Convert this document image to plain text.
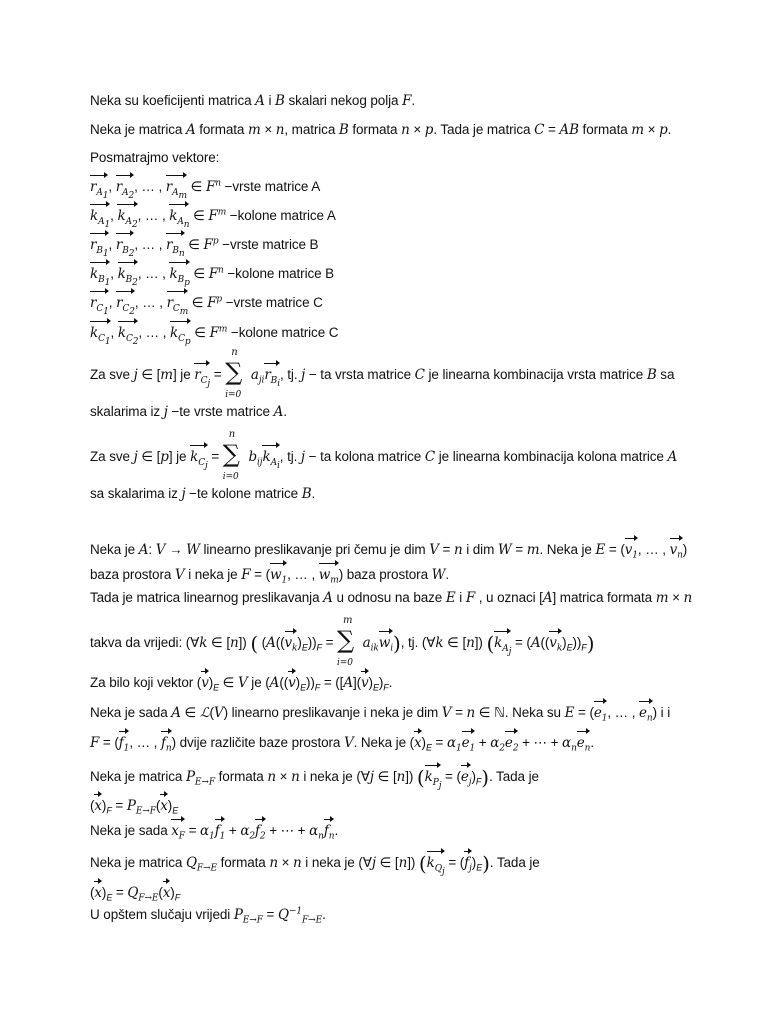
Neka su koeficijenti matrica A i B skalari nekog polja F.
Neka je matrica A formata m × n, matrica B formata n × p. Tada je matrica C = AB formata m × p.
Posmatrajmo vektore:
$r_{A_1}$, $r_{A_2}$, … , $r_{A_m}$ ∈ $F^n$ −vrste matrice A
$k_{A_1}$, $k_{A_2}$, … , $k_{A_n}$ ∈ $F^m$ −kolone matrice A
$r_{B_1}$, $r_{B_2}$, … , $r_{B_n}$ ∈ $F^p$ −vrste matrice B
$k_{B_1}$, $k_{B_2}$, … , $k_{B_p}$ ∈ $F^n$ −kolone matrice B
$r_{C_1}$, $r_{C_2}$, … , $r_{C_m}$ ∈ $F^p$ −vrste matrice C
$k_{C_1}$, $k_{C_2}$, … , $k_{C_p}$ ∈ $F^m$ −kolone matrice C
Za sve j ∈ [m] je $r_{C_j}$ =
n
∑
i=0
$a_{ji}r_{B_i}$, tj. j − ta vrsta matrice C je linearna kombinacija vrsta matrice B sa
skalarima iz j −te vrste matrice A.
Za sve j ∈ [p] je $k_{C_j}$ =
n
∑
i=0
$b_{ij}k_{A_i}$, tj. j − ta kolona matrice C je linearna kombinacija kolona matrice A
sa skalarima iz j −te kolone matrice B.
Neka je A: V → W linearno preslikavanje pri čemu je dim V = n i dim W = m. Neka je $E = (v_1$, … , $v_n$)
baza prostora V i neka je $F = (w_1$, … , $w_m$) baza prostora W.
Tada je matrica linearnog preslikavanja A u odnosu na baze E i F , u oznaci [A] matrica formata m × n
takva da vrijedi: (∀k ∈ [n]) ( $(A((v_k)_E))_F$ =
m
∑
i=0
$a_{ik}w_i$), tj. (∀k ∈ [n]) $(k_{A_j} = (A((v_k)_E))_F)$
Za bilo koji vektor $(v)_E$ ∈ V je $(A((v)_E))_F = ([A](v)_E)_F$.
Neka je sada A ∈ ℒ(V) linearno preslikavanje i neka je dim V = n ∈ ℕ. Neka su $E = (e_1$, … , $e_n$) i i
$F = (f_1$, … , $f_n$) dvije različite baze prostora V. Neka je $(x)_E = \alpha_1e_1 + \alpha_2e_2$ + ⋯ + $\alpha_ne_n$.
Neka je matrica $P_{E\to F}$ formata n × n i neka je (∀j ∈ [n]) $(k_{P_j} = (e_j)_F)$. Tada je
$(x)_F = P_{E\to F}(x)_E$
Neka je sada $x_F = \alpha_1f_1 + \alpha_2f_2$ + ⋯ + $\alpha_nf_n$.
Neka je matrica $Q_{F\to E}$ formata n × n i neka je (∀j ∈ [n]) $(k_{Q_j} = (f_j)_E)$. Tada je
$(x)_E = Q_{F\to E}(x)_F$
U opštem slučaju vrijedi $P_{E\to F} = Q^{-1}_{F\to E}$.
